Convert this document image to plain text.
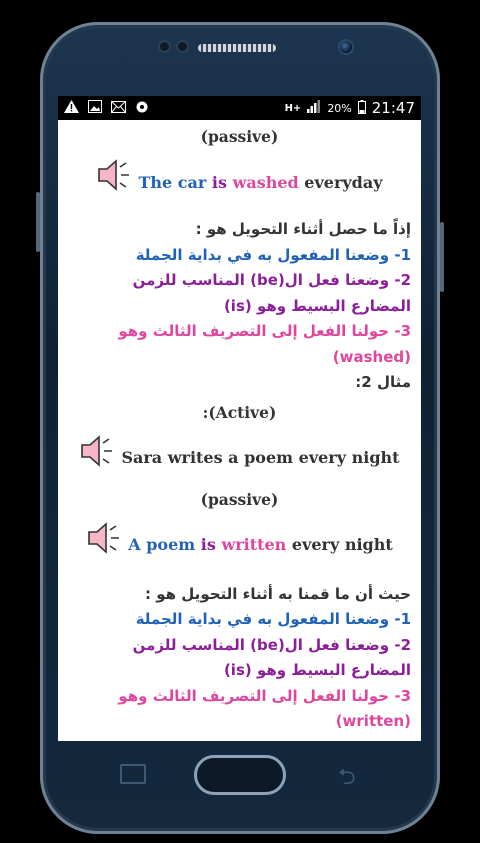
⮌
H+ 20% 21:47
(passive)
The car is washed everyday
إذاً ما حصل أثناء التحويل هو :
1- وضعنا المفعول به في بداية الجملة
2- وضعنا فعل ال(be) المناسب للزمن المضارع البسيط وهو (is)
3- حولنا الفعل إلى التصريف الثالث وهو (washed)
مثال 2:
:(Active)
Sara writes a poem every night
(passive)
A poem is written every night
حيث أن ما قمنا به أثناء التحويل هو :
1- وضعنا المفعول به في بداية الجملة
2- وضعنا فعل ال(be) المناسب للزمن المضارع البسيط وهو (is)
3- حولنا الفعل إلى التصريف الثالث وهو (written)
